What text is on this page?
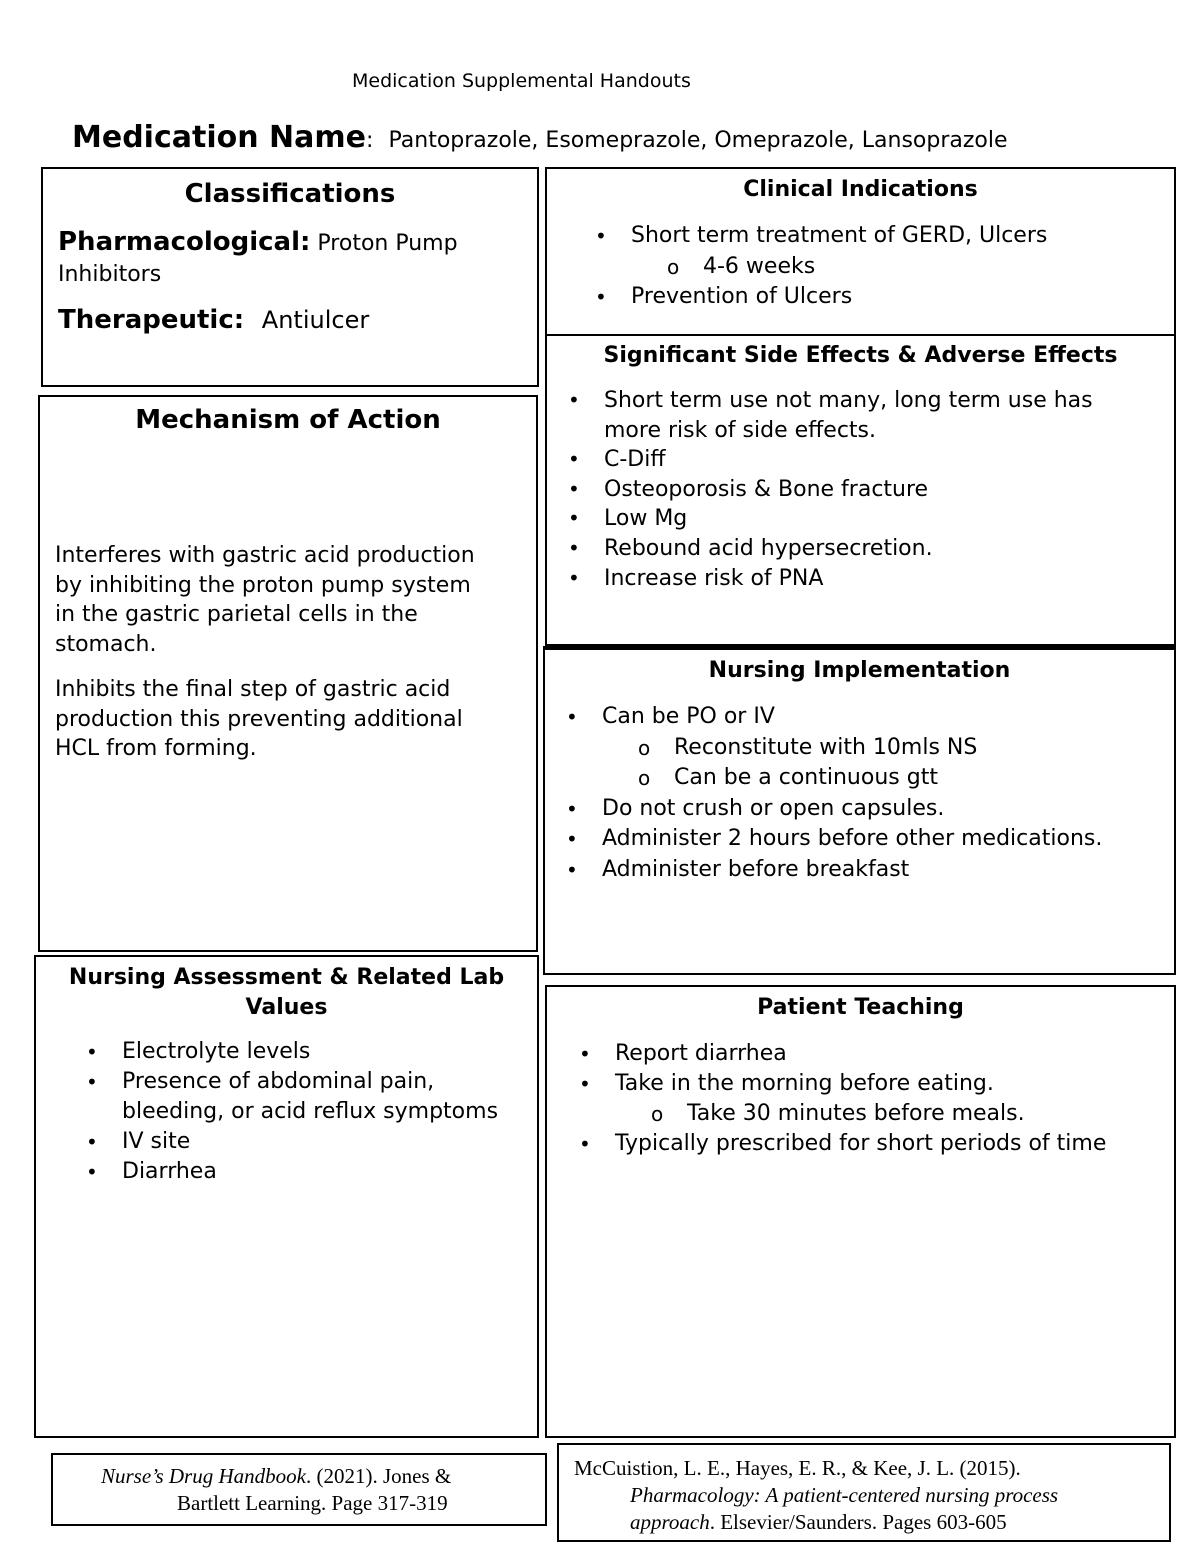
Medication Supplemental Handouts
Medication Name: Pantoprazole, Esomeprazole, Omeprazole, Lansoprazole
Classifications
Pharmacological: Proton Pump
Inhibitors
Therapeutic: Antiulcer
Mechanism of Action
Interferes with gastric acid production
by inhibiting the proton pump system
in the gastric parietal cells in the
stomach.
Inhibits the final step of gastric acid
production this preventing additional
HCL from forming.
Nursing Assessment & Related Lab
Values
• Electrolyte levels
• Presence of abdominal pain,
bleeding, or acid reflux symptoms
• IV site
• Diarrhea
Clinical Indications
• Short term treatment of GERD, Ulcers
o 4-6 weeks
• Prevention of Ulcers
Significant Side Effects & Adverse Effects
• Short term use not many, long term use has
more risk of side effects.
• C-Diff
• Osteoporosis & Bone fracture
• Low Mg
• Rebound acid hypersecretion.
• Increase risk of PNA
Nursing Implementation
• Can be PO or IV
o Reconstitute with 10mls NS
o Can be a continuous gtt
• Do not crush or open capsules.
• Administer 2 hours before other medications.
• Administer before breakfast
Patient Teaching
• Report diarrhea
• Take in the morning before eating.
o Take 30 minutes before meals.
• Typically prescribed for short periods of time
Nurse’s Drug Handbook. (2021). Jones &
Bartlett Learning. Page 317-319
McCuistion, L. E., Hayes, E. R., & Kee, J. L. (2015).
Pharmacology: A patient-centered nursing process
approach. Elsevier/Saunders. Pages 603-605
